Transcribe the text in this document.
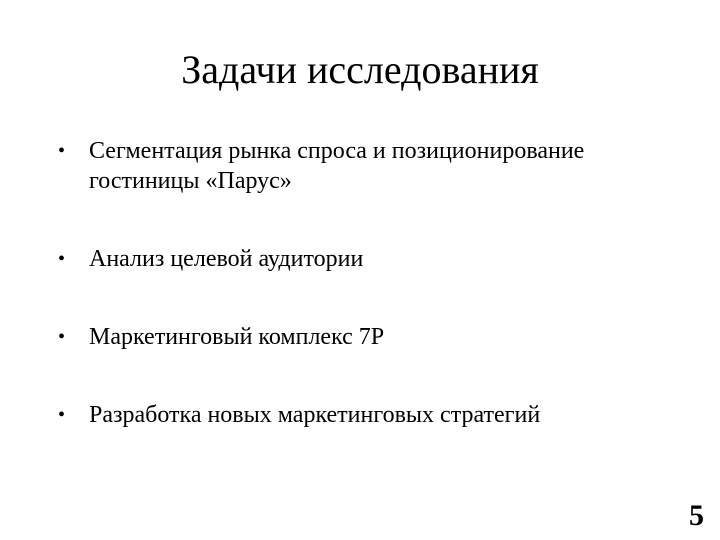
Задачи исследования
• Сегментация рынка спроса и позиционирование гостиницы «Парус»
• Анализ целевой аудитории
• Маркетинговый комплекс 7Р
• Разработка новых маркетинговых стратегий
5
